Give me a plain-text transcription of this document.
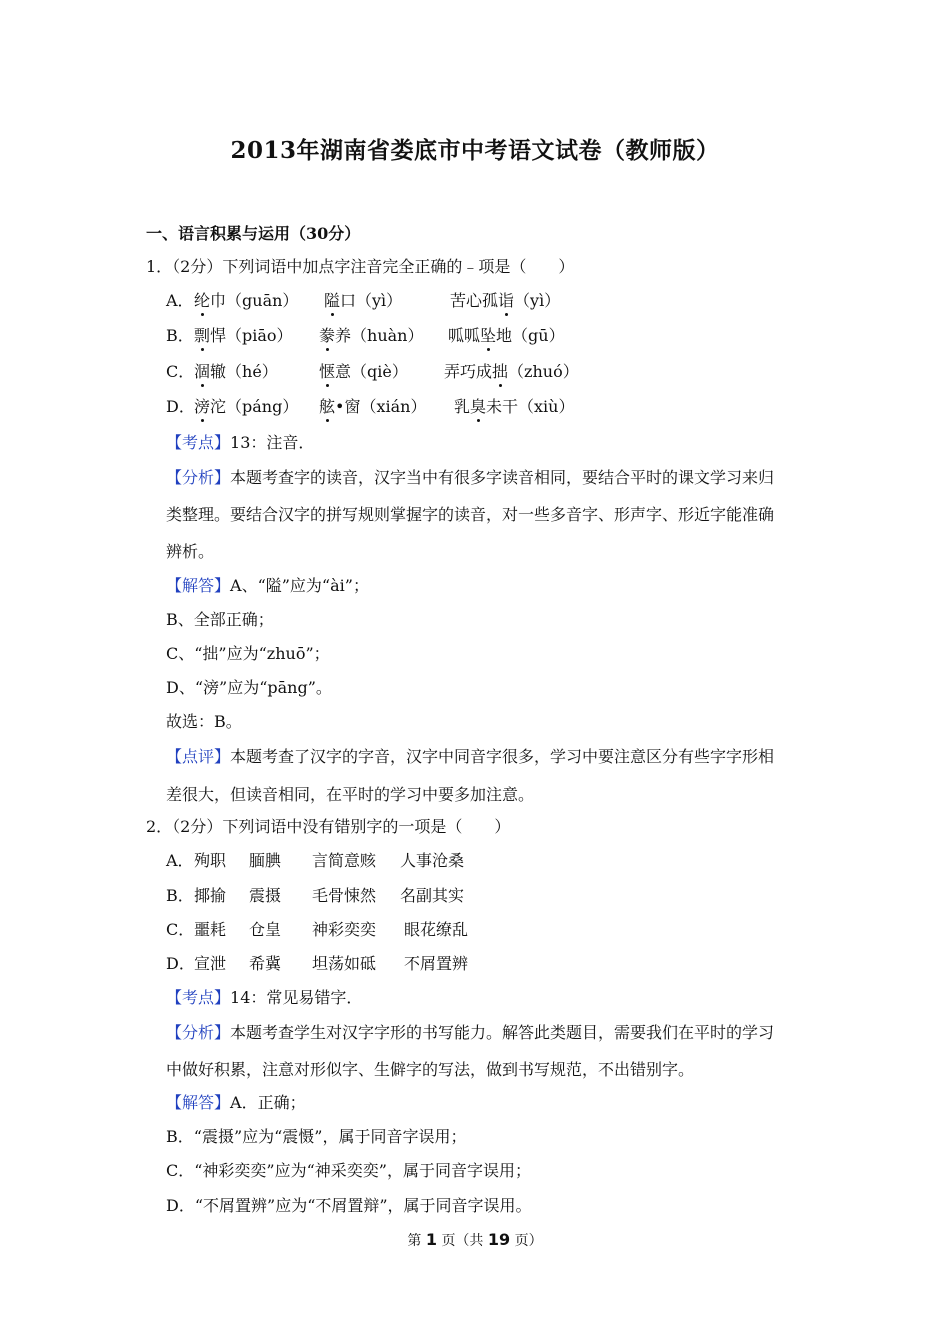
2013年湖南省娄底市中考语文试卷（教师版）
一、语言积累与运用（30分）
1．（2分）下列词语中加点字注音完全正确的﹣项是（　　）
A． 纶巾（guān） 隘口（yì）	苦心孤诣（yì）
B． 剽悍（piāo） 豢养（huàn） 呱呱坠地（gū）
C． 涸辙（hé）	惬意（qiè） 弄巧成拙（zhuó）
D． 滂沱（páng） 舷•窗（xián） 乳臭未干（xiù）
【考点】13：注音．
【分析】本题考查字的读音，汉字当中有很多字读音相同，要结合平时的课文学习来归
类整理。要结合汉字的拼写规则掌握字的读音，对一些多音字、形声字、形近字能准确
辨析。
【解答】A、“隘”应为“ài”；
B、全部正确；
C、“拙”应为“zhuō”；
D、“滂”应为“pāng”。
故选：B。
【点评】本题考查了汉字的字音，汉字中同音字很多，学习中要注意区分有些字字形相
差很大，但读音相同，在平时的学习中要多加注意。
2．（2分）下列词语中没有错别字的一项是（　　）
A． 殉职 腼腆 言简意赅 人事沧桑
B． 揶揄 震摄 毛骨悚然 名副其实
C． 噩耗 仓皇 神彩奕奕 眼花缭乱
D． 宣泄 希冀 坦荡如砥 不屑置辨
【考点】14：常见易错字．
【分析】本题考查学生对汉字字形的书写能力。解答此类题目，需要我们在平时的学习
中做好积累，注意对形似字、生僻字的写法，做到书写规范，不出错别字。
【解答】A．正确；
B．“震摄”应为“震慑”，属于同音字误用；
C．“神彩奕奕”应为“神采奕奕”，属于同音字误用；
D．“不屑置辨”应为“不屑置辩”，属于同音字误用。
第 1 页（共 19 页）
